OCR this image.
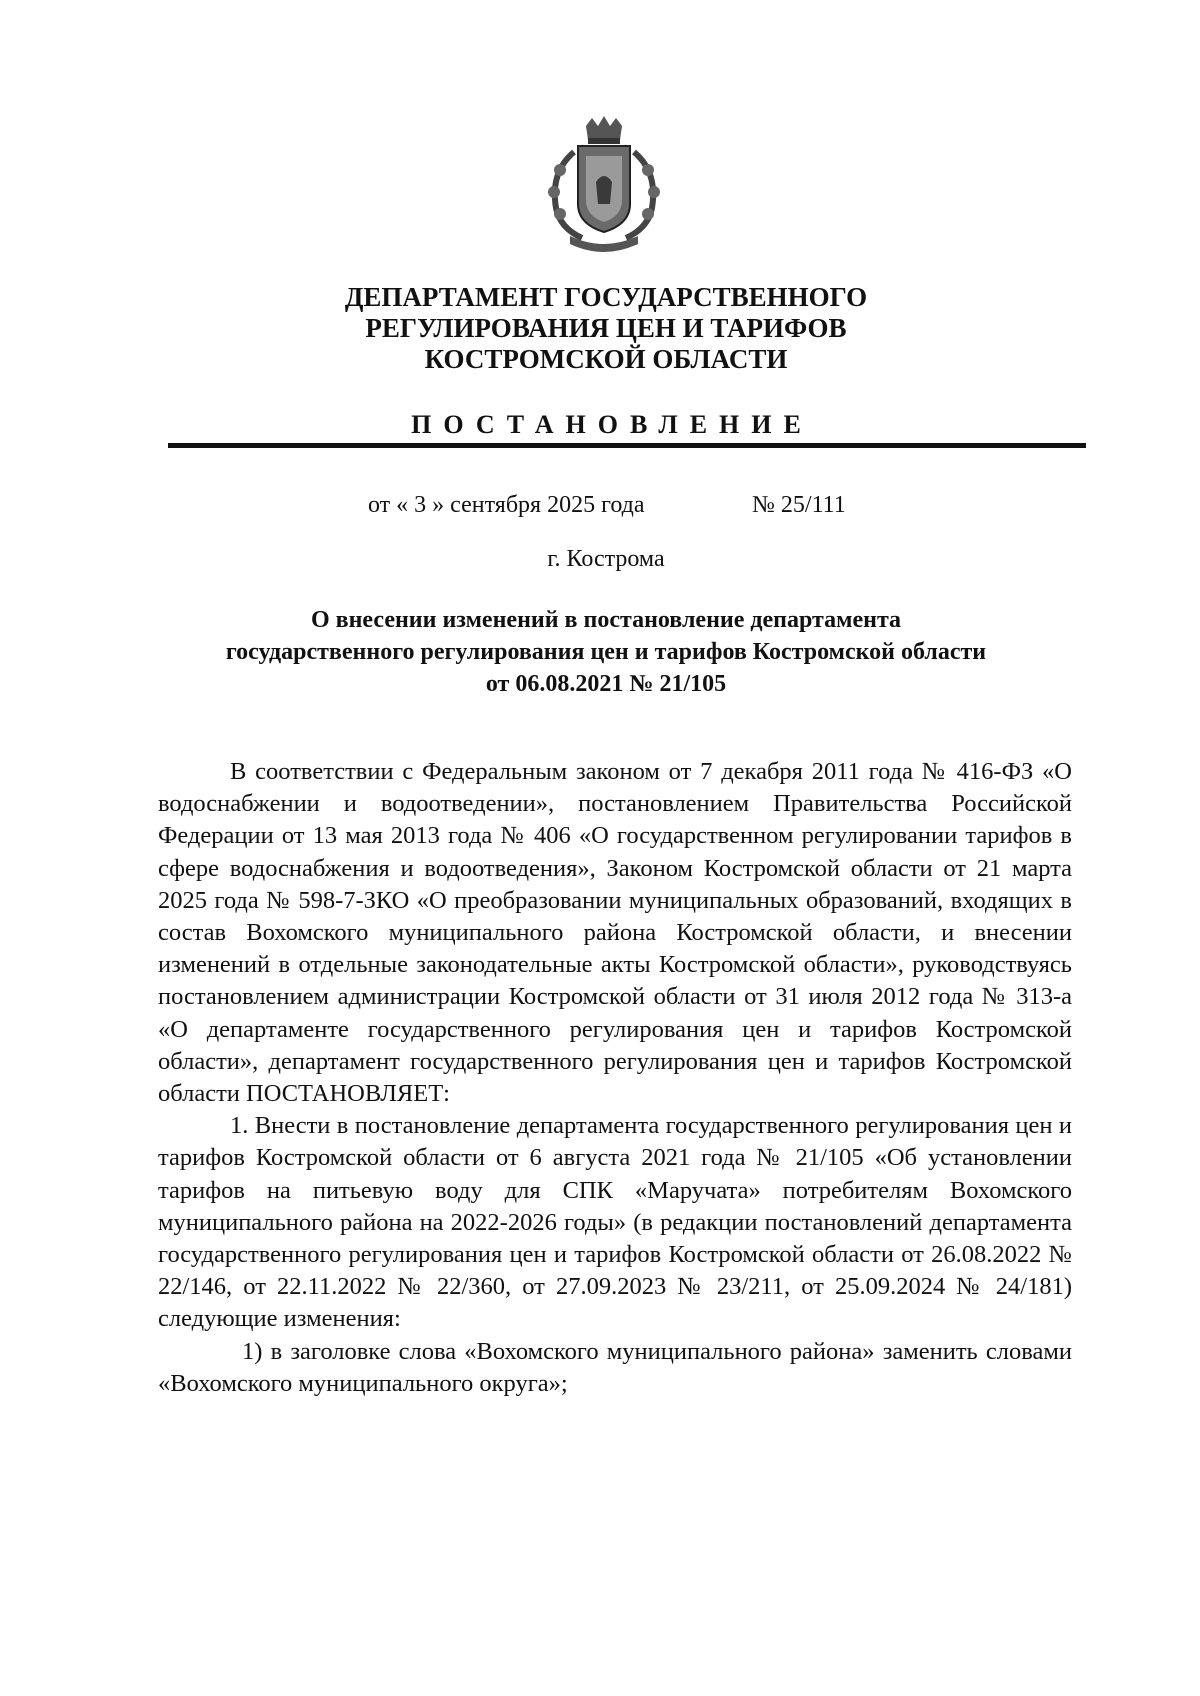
ДЕПАРТАМЕНТ ГОСУДАРСТВЕННОГО
РЕГУЛИРОВАНИЯ ЦЕН И ТАРИФОВ
КОСТРОМСКОЙ ОБЛАСТИ
ПОСТАНОВЛЕНИЕ
от « 3 » сентября 2025 года	№ 25/111
г. Кострома
О внесении изменений в постановление департамента
государственного регулирования цен и тарифов Костромской области
от 06.08.2021 № 21/105

В соответствии с Федеральным законом от 7 декабря 2011 года № 416-ФЗ «О водоснабжении и водоотведении», постановлением Правительства Российской Федерации от 13 мая 2013 года № 406 «О государственном регулировании тарифов в сфере водоснабжения и водоотведения», Законом Костромской области от 21 марта 2025 года № 598-7-ЗКО «О преобразовании муниципальных образований, входящих в состав Вохомского муниципального района Костромской области, и внесении изменений в отдельные законодательные акты Костромской области», руководствуясь постановлением администрации Костромской области от 31 июля 2012 года № 313-а «О департаменте государственного регулирования цен и тарифов Костромской области», департамент государственного регулирования цен и тарифов Костромской области ПОСТАНОВЛЯЕТ:

1. Внести в постановление департамента государственного регулирования цен и тарифов Костромской области от 6 августа 2021 года № 21/105 «Об установлении тарифов на питьевую воду для СПК «Маручата» потребителям Вохомского муниципального района на 2022-2026 годы» (в редакции постановлений департамента государственного регулирования цен и тарифов Костромской области от 26.08.2022 № 22/146, от 22.11.2022 № 22/360, от 27.09.2023 № 23/211, от 25.09.2024 № 24/181) следующие изменения:

1) в заголовке слова «Вохомского муниципального района» заменить словами «Вохомского муниципального округа»;
